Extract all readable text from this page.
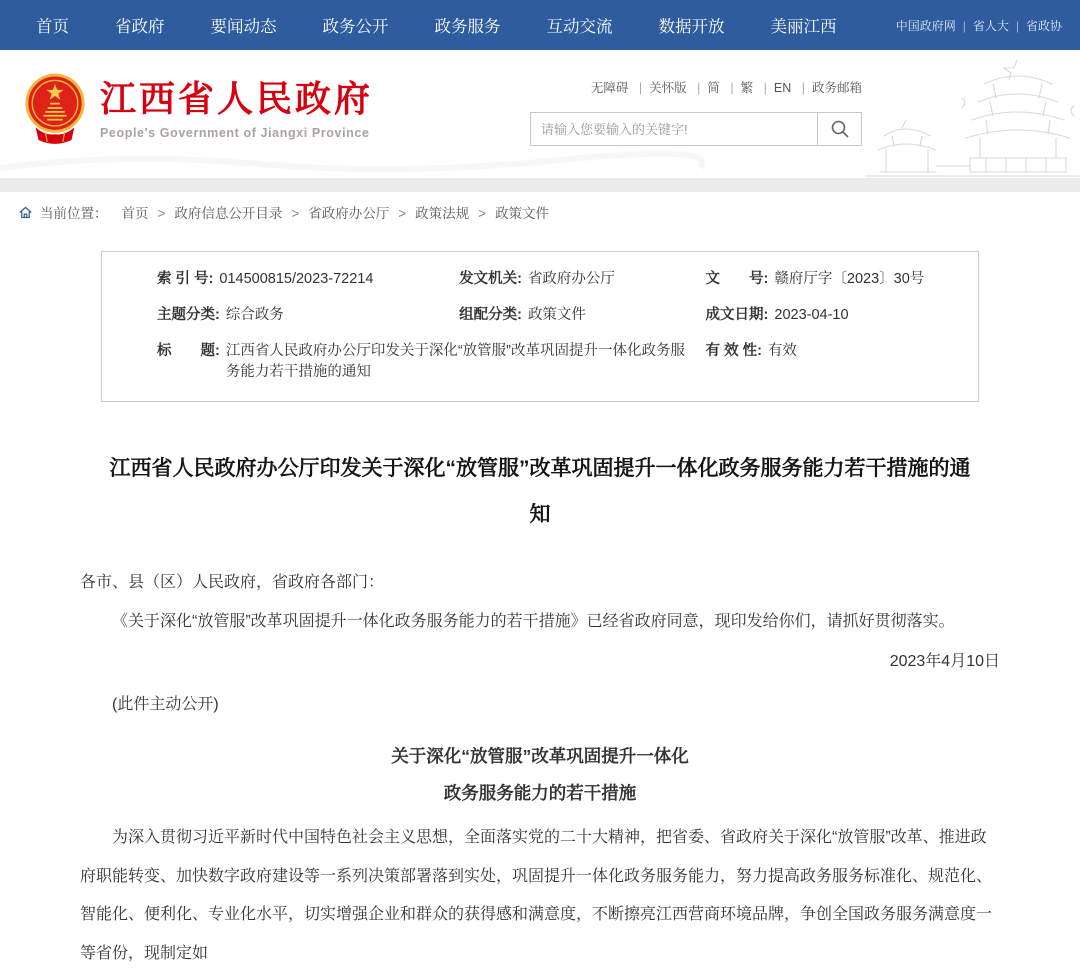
首页	省政府	要闻动态	政务公开	政务服务	互动交流	数据开放	美丽江西	中国政府网	| 省人大	| 省政协
江西省人民政府
People's Government of Jiangxi Province
无障碍 | 关怀版 | 简 | 繁 | EN | 政务邮箱
请输入您要输入的关键字!
当前位置： 首页	> 政府信息公开目录	> 省政府办公厅	> 政策法规	> 政策文件
索 引 号: 014500815/2023-72214	发文机关: 省政府办公厅	文　　号: 赣府厅字〔2023〕30号
主题分类: 综合政务	组配分类: 政策文件	成文日期: 2023-04-10
标　　题: 江西省人民政府办公厅印发关于深化“放管服”改革巩固提升一体化政务服务能力若干措施的通知
有 效 性: 有效
江西省人民政府办公厅印发关于深化“放管服”改革巩固提升一体化政务服务能力若干措施的通知

各市、县（区）人民政府，省政府各部门：

《关于深化“放管服”改革巩固提升一体化政务服务能力的若干措施》已经省政府同意，现印发给你们，请抓好贯彻落实。

2023年4月10日

(此件主动公开)

关于深化“放管服”改革巩固提升一体化

政务服务能力的若干措施

为深入贯彻习近平新时代中国特色社会主义思想，全面落实党的二十大精神，把省委、省政府关于深化“放管服”改革、推进政府职能转变、加快数字政府建设等一系列决策部署落到实处，巩固提升一体化政务服务能力，努力提高政务服务标准化、规范化、智能化、便利化、专业化水平，切实增强企业和群众的获得感和满意度，不断擦亮江西营商环境品牌，争创全国政务服务满意度一等省份，现制定如
